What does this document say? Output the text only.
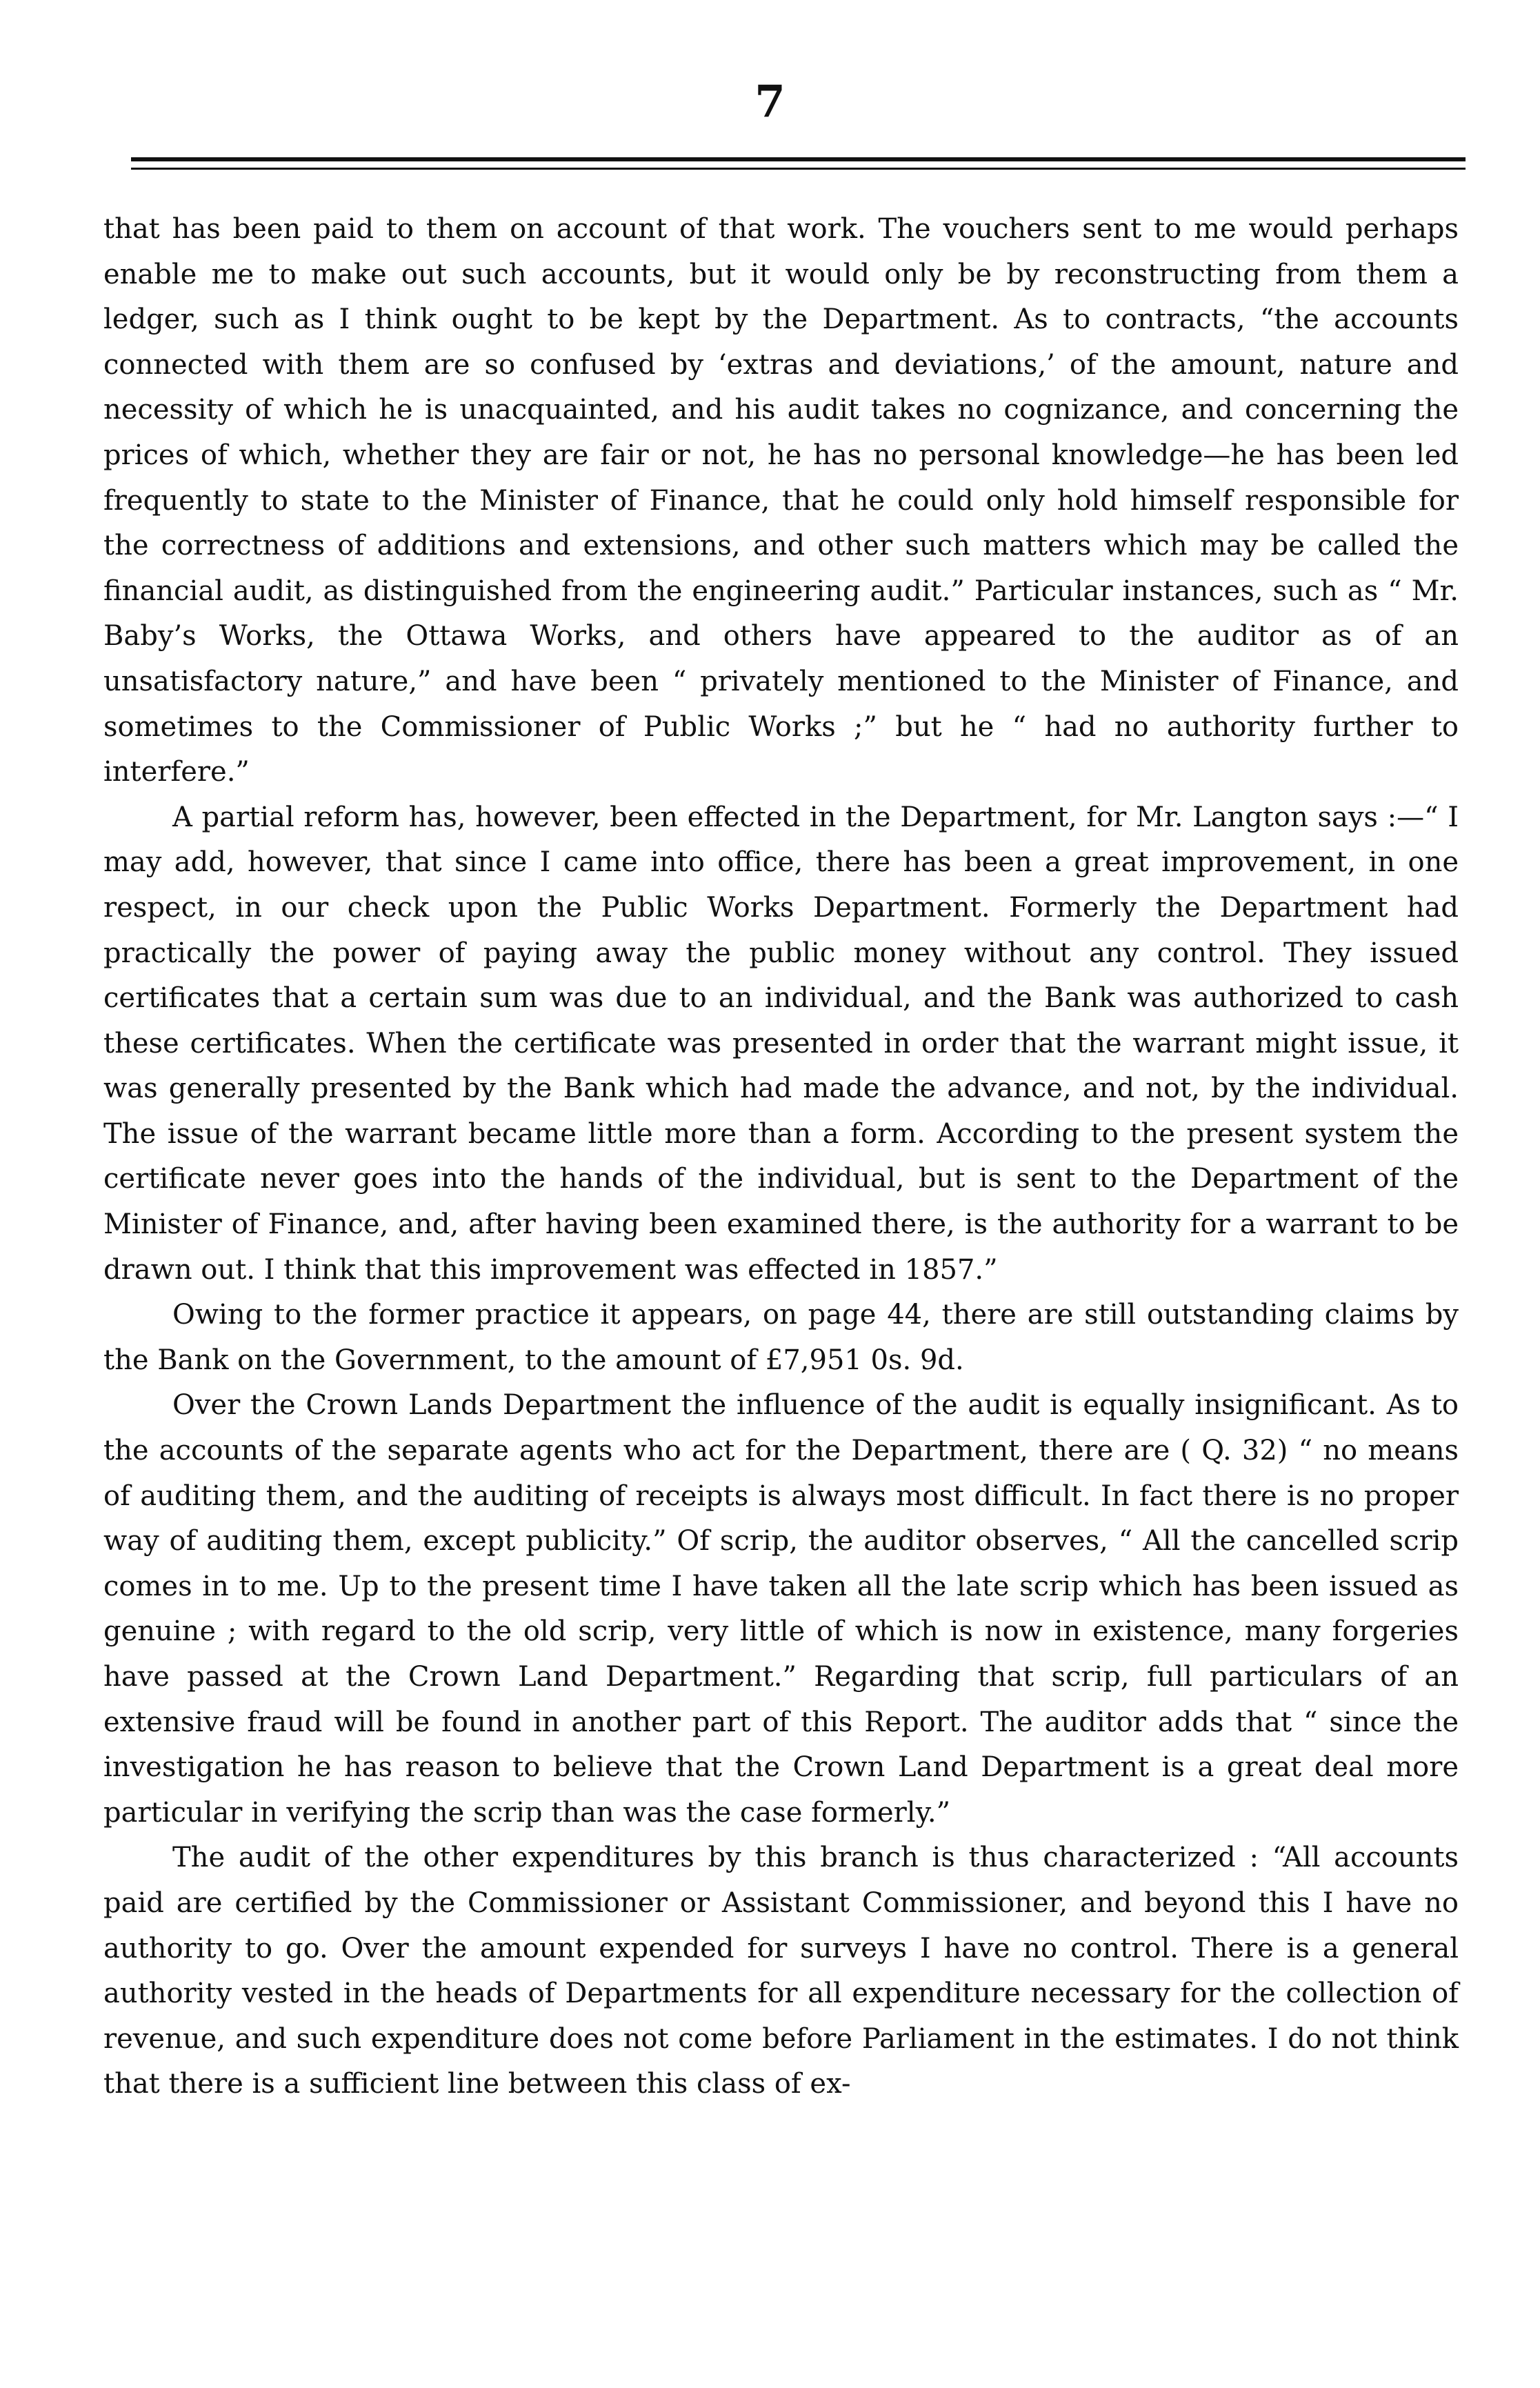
7

that has been paid to them on account of that work. The vouchers sent to me would perhaps enable me to make out such accounts, but it would only be by reconstructing from them a ledger, such as I think ought to be kept by the Department. As to contracts, “the accounts connected with them are so confused by ‘extras and deviations,’ of the amount, nature and necessity of which he is unacquainted, and his audit takes no cognizance, and concerning the prices of which, whether they are fair or not, he has no personal knowledge—he has been led frequently to state to the Minister of Finance, that he could only hold himself responsible for the correctness of additions and extensions, and other such matters which may be called the financial audit, as distinguished from the engineering audit.” Particular instances, such as “ Mr. Baby’s Works, the Ottawa Works, and others have appeared to the auditor as of an unsatisfactory nature,” and have been “ privately mentioned to the Minister of Finance, and sometimes to the Commissioner of Public Works ;” but he “ had no authority further to interfere.”

A partial reform has, however, been effected in the Department, for Mr. Langton says :—“ I may add, however, that since I came into office, there has been a great improvement, in one respect, in our check upon the Public Works Department. Formerly the Department had practically the power of paying away the public money without any control. They issued certificates that a certain sum was due to an individual, and the Bank was authorized to cash these certificates. When the certificate was presented in order that the warrant might issue, it was generally presented by the Bank which had made the advance, and not, by the individual. The issue of the warrant became little more than a form. According to the present system the certificate never goes into the hands of the individual, but is sent to the Department of the Minister of Finance, and, after having been examined there, is the authority for a warrant to be drawn out. I think that this improvement was effected in 1857.”

Owing to the former practice it appears, on page 44, there are still outstanding claims by the Bank on the Government, to the amount of £7,951 0s. 9d.

Over the Crown Lands Department the influence of the audit is equally insignificant. As to the accounts of the separate agents who act for the Department, there are ( Q. 32) “ no means of auditing them, and the auditing of receipts is always most difficult. In fact there is no proper way of auditing them, except publicity.” Of scrip, the auditor observes, “ All the cancelled scrip comes in to me. Up to the present time I have taken all the late scrip which has been issued as genuine ; with regard to the old scrip, very little of which is now in existence, many forgeries have passed at the Crown Land Department.” Regarding that scrip, full particulars of an extensive fraud will be found in another part of this Report. The auditor adds that “ since the investigation he has reason to believe that the Crown Land Department is a great deal more particular in verifying the scrip than was the case formerly.”

The audit of the other expenditures by this branch is thus characterized : “All accounts paid are certified by the Commissioner or Assistant Commissioner, and beyond this I have no authority to go. Over the amount expended for surveys I have no control. There is a general authority vested in the heads of Departments for all expenditure necessary for the collection of revenue, and such expenditure does not come before Parliament in the estimates. I do not think that there is a sufficient line between this class of ex-
